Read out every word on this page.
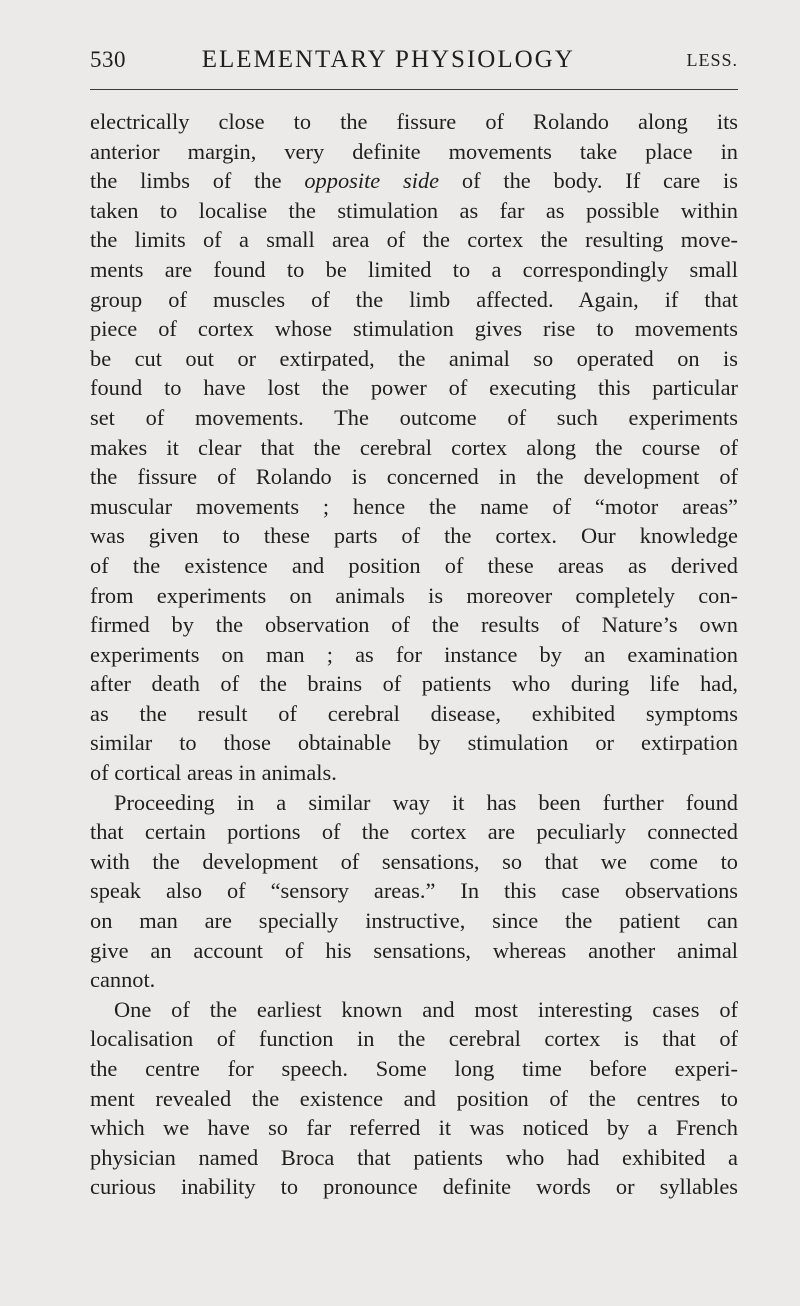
530	ELEMENTARY PHYSIOLOGY	LESS.
electrically close to the fissure of Rolando along its
anterior margin, very definite movements take place in
the limbs of the opposite side of the body. If care is
taken to localise the stimulation as far as possible within
the limits of a small area of the cortex the resulting move-
ments are found to be limited to a correspondingly small
group of muscles of the limb affected. Again, if that
piece of cortex whose stimulation gives rise to movements
be cut out or extirpated, the animal so operated on is
found to have lost the power of executing this particular
set of movements. The outcome of such experiments
makes it clear that the cerebral cortex along the course of
the fissure of Rolando is concerned in the development of
muscular movements ; hence the name of “motor areas”
was given to these parts of the cortex. Our knowledge
of the existence and position of these areas as derived
from experiments on animals is moreover completely con-
firmed by the observation of the results of Nature’s own
experiments on man ; as for instance by an examination
after death of the brains of patients who during life had,
as the result of cerebral disease, exhibited symptoms
similar to those obtainable by stimulation or extirpation
of cortical areas in animals.
Proceeding in a similar way it has been further found
that certain portions of the cortex are peculiarly connected
with the development of sensations, so that we come to
speak also of “sensory areas.” In this case observations
on man are specially instructive, since the patient can
give an account of his sensations, whereas another animal
cannot.
One of the earliest known and most interesting cases of
localisation of function in the cerebral cortex is that of
the centre for speech. Some long time before experi-
ment revealed the existence and position of the centres to
which we have so far referred it was noticed by a French
physician named Broca that patients who had exhibited a
curious inability to pronounce definite words or syllables
